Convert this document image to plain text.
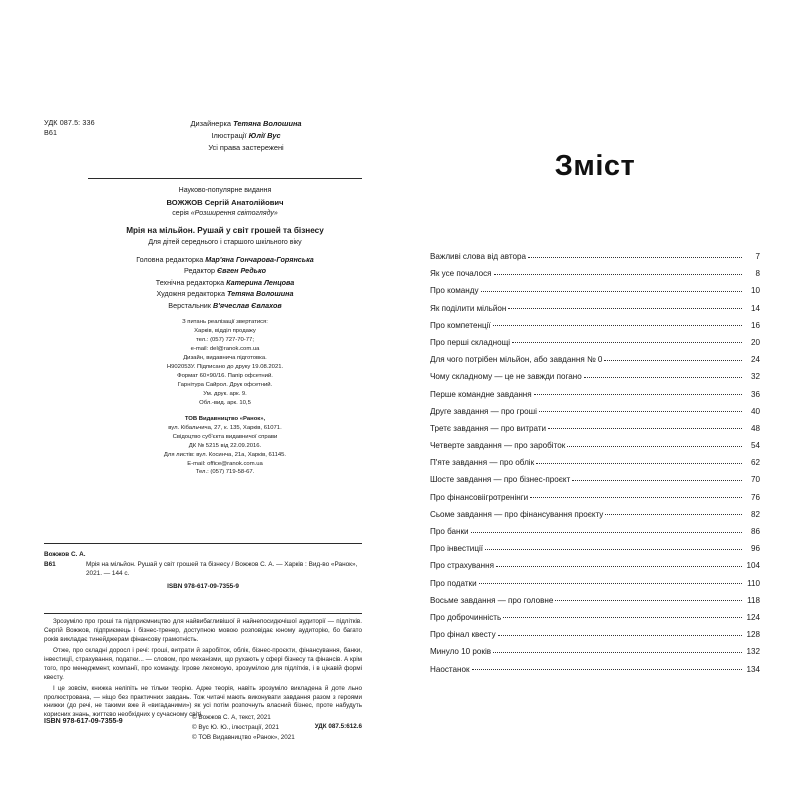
УДК 087.5: 336
В61
Дизайнерка Тетяна Волошина
Ілюстрації Юлії Вус
Усі права застережені
Науково-популярне видання
ВОЖЖОВ Сергій Анатолійович
серія «Розширення світогляду»
Мрія на мільйон. Рушай у світ грошей та бізнесу
Для дітей середнього і старшого шкільного віку
Головна редакторка Мар'яна Гончарова-Горянська
Редактор Євген Редько
Технічна редакторка Катерина Ленцова
Художня редакторка Тетяна Волошина
Верстальник В'ячеслав Євлахов
З питань реалізації звертатися:
Харків, відділ продажу
тел.: (057) 727-70-77;
e-mail: del@ranok.com.ua
Дизайн, видавнича підготовка.
Н902053У. Підписано до друку 19.08.2021.
Формат 60×90/16. Папір офсетний.
Гарнітура Cайрол. Друк офсетний.
Ум. друк. арк. 9.
Обл.-вид. арк. 10,5
ТОВ Видавництво «Ранок»,
вул. Кібальчича, 27, к. 135, Харків, 61071.
Свідоцтво суб'єкта видавничої справи
ДК № 5215 від 22.09.2016.
Для листів: вул. Косинча, 21а, Харків, 61145.
E-mail: office@ranok.com.ua
Тел.: (057) 719-58-67.
Вожжов С. А.
В61	Мрія на мільйон. Рушай у світ грошей та бізнесу / Вожжов С. А. — Харків : Вид-во «Ранок», 2021. — 144 с.
ISBN 978-617-09-7355-9

Зрозуміло про гроші та підприємництво для найвибагливішої й найнепосидючішої аудиторії — підлітків. Сергій Вожжов, підприємець і бізнес-тренер, доступною мовою розповідає юному аудиторію, бо багато років викладає тинейджерам фінансову грамотність.

Отже, про складні доросл і речі: гроші, витрати й заробіток, облік, бізнес-проєкти, фінансування, банки, інвестиції, страхування, податки... — словом, про механізми, що рухають у сфері бізнесу та фінансів. А крім того, про менеджмент, компанії, про команду. Ігрове лехомоую, зрозумілою для підлітків, і в цікавій формі квесту.

І це зовсім, книжка неліпіть не тільки теорію. Адже теорія, навіть зрозуміло викладена й доте льно пролюстрована, — ніщо без практичних завдань. Тож читачі мають виконувати завдання разом з героями книжки (до речі, не такими вже й «вигаданими») як усі потім розпочнуть власний бізнес, проте набудуть корисних знань, життєво необхідних у сучасному світі.

УДК 087.5:612.6

ISBN 978-617-09-7355-9
© Вожжов С. А, текст, 2021
© Вус Ю. Ю., ілюстрації, 2021
© ТОВ Видавництво «Ранок», 2021
Зміст
Важливі слова від автора	7
Як усе почалося	8
Про команду	10
Як поділити мільйон	14
Про компетенції	16
Про перші складнощі	20
Для чого потрібен мільйон, або завдання № 0	24
Чому складному — це не завжди погано	32
Перше командне завдання	36
Друге завдання — про гроші	40
Третє завдання — про витрати	48
Четверте завдання — про заробіток	54
П'яте завдання — про облік	62
Шосте завдання — про бізнес-проєкт	70
Про фінансовіігротренінги	76
Сьоме завдання — про фінансування проєкту	82
Про банки	86
Про інвестиції	96
Про страхування	104
Про податки	110
Восьме завдання — про головне	118
Про доброчинність	124
Про фінал квесту	128
Минуло 10 років	132
Наостанок	134
